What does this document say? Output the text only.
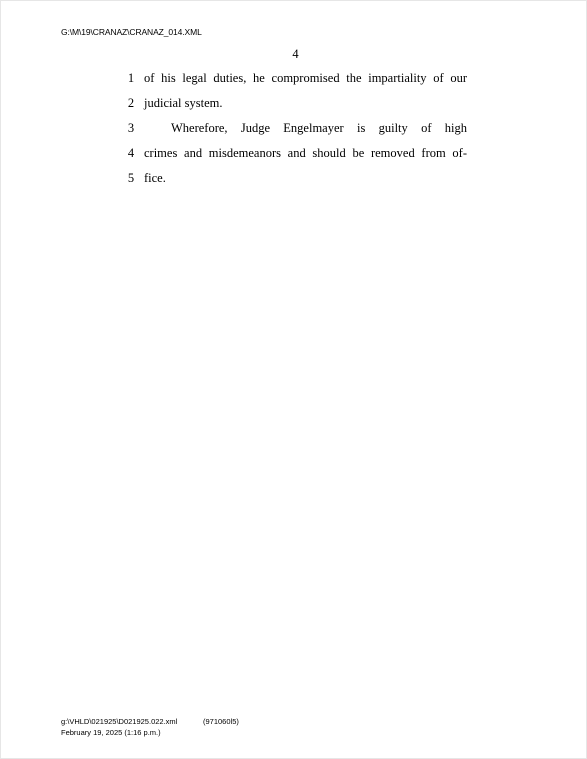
G:\M\19\CRANAZ\CRANAZ_014.XML
4
1 of his legal duties, he compromised the impartiality of our
2 judicial system.
3	Wherefore, Judge Engelmayer is guilty of high
4 crimes and misdemeanors and should be removed from of-
5 fice.
g:\VHLD\021925\D021925.022.xml	(971060l5)
February 19, 2025 (1:16 p.m.)
